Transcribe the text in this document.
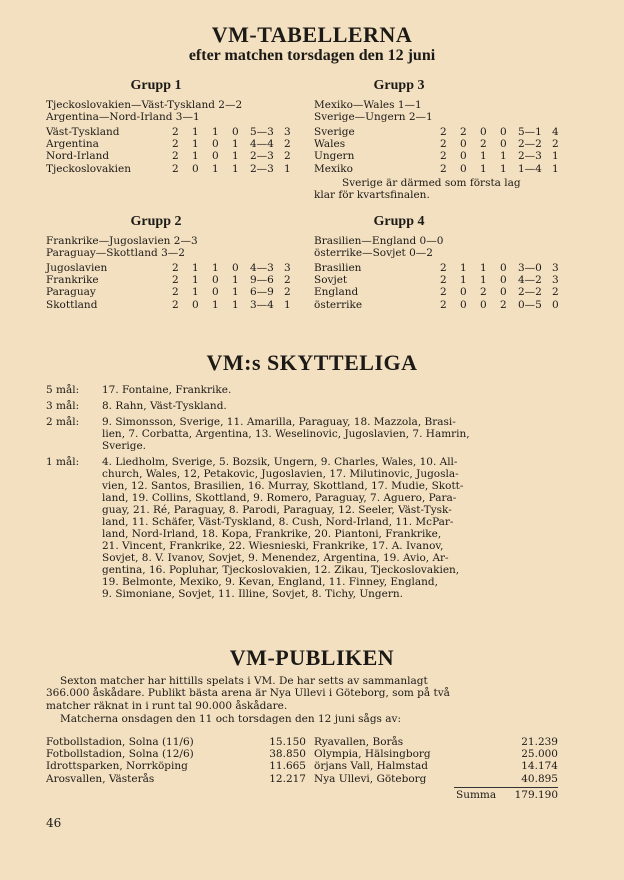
VM-TABELLERNA
efter matchen torsdagen den 12 juni
Grupp 1
Tjeckoslovakien—Väst-Tyskland 2—2
Argentina—Nord-Irland 3—1
Väst-Tyskland	2 1 1 0 5—3 3
Argentina	2 1 0 1 4—4 2
Nord-Irland	2 1 0 1 2—3 2
Tjeckoslovakien	2 0 1 1 2—3 1
Grupp 3
Mexiko—Wales 1—1
Sverige—Ungern 2—1
Sverige	2 2 0 0 5—1 4
Wales	2 0 2 0 2—2 2
Ungern	2 0 1 1 2—3 1
Mexiko	2 0 1 1 1—4 1
Sverige är därmed som första lag
klar för kvartsfinalen.
Grupp 2
Frankrike—Jugoslavien 2—3
Paraguay—Skottland 3—2
Jugoslavien	2 1 1 0 4—3 3
Frankrike	2 1 0 1 9—6 2
Paraguay	2 1 0 1 6—9 2
Skottland	2 0 1 1 3—4 1
Grupp 4
Brasilien—England 0—0
österrike—Sovjet 0—2
Brasilien	2 1 1 0 3—0 3
Sovjet	2 1 1 0 4—2 3
England	2 0 2 0 2—2 2
österrike	2 0 0 2 0—5 0
VM:s SKYTTELIGA
5 mål: 17. Fontaine, Frankrike.
3 mål: 8. Rahn, Väst-Tyskland.
2 mål: 9. Simonsson, Sverige, 11. Amarilla, Paraguay, 18. Mazzola, Brasi-
lien, 7. Corbatta, Argentina, 13. Weselinovic, Jugoslavien, 7. Hamrin,
Sverige.
1 mål: 4. Liedholm, Sverige, 5. Bozsik, Ungern, 9. Charles, Wales, 10. All-
church, Wales, 12, Petakovic, Jugoslavien, 17. Milutinovic, Jugosla-
vien, 12. Santos, Brasilien, 16. Murray, Skottland, 17. Mudie, Skott-
land, 19. Collins, Skottland, 9. Romero, Paraguay, 7. Aguero, Para-
guay, 21. Ré, Paraguay, 8. Parodi, Paraguay, 12. Seeler, Väst-Tysk-
land, 11. Schäfer, Väst-Tyskland, 8. Cush, Nord-Irland, 11. McPar-
land, Nord-Irland, 18. Kopa, Frankrike, 20. Piantoni, Frankrike,
21. Vincent, Frankrike, 22. Wiesnieski, Frankrike, 17. A. Ivanov,
Sovjet, 8. V. Ivanov, Sovjet, 9. Menendez, Argentina, 19. Avio, Ar-
gentina, 16. Popluhar, Tjeckoslovakien, 12. Zikau, Tjeckoslovakien,
19. Belmonte, Mexiko, 9. Kevan, England, 11. Finney, England,
9. Simoniane, Sovjet, 11. Illine, Sovjet, 8. Tichy, Ungern.
VM-PUBLIKEN
Sexton matcher har hittills spelats i VM. De har setts av sammanlagt
366.000 åskådare. Publikt bästa arena är Nya Ullevi i Göteborg, som på två
matcher räknat in i runt tal 90.000 åskådare.
Matcherna onsdagen den 11 och torsdagen den 12 juni sågs av:
Fotbollstadion, Solna (11/6)	15.150
Fotbollstadion, Solna (12/6)	38.850
Idrottsparken, Norrköping	11.665
Arosvallen, Västerås	12.217
Ryavallen, Borås	21.239
Olympia, Hälsingborg	25.000
örjans Vall, Halmstad	14.174
Nya Ullevi, Göteborg	40.895
Summa	179.190
46
